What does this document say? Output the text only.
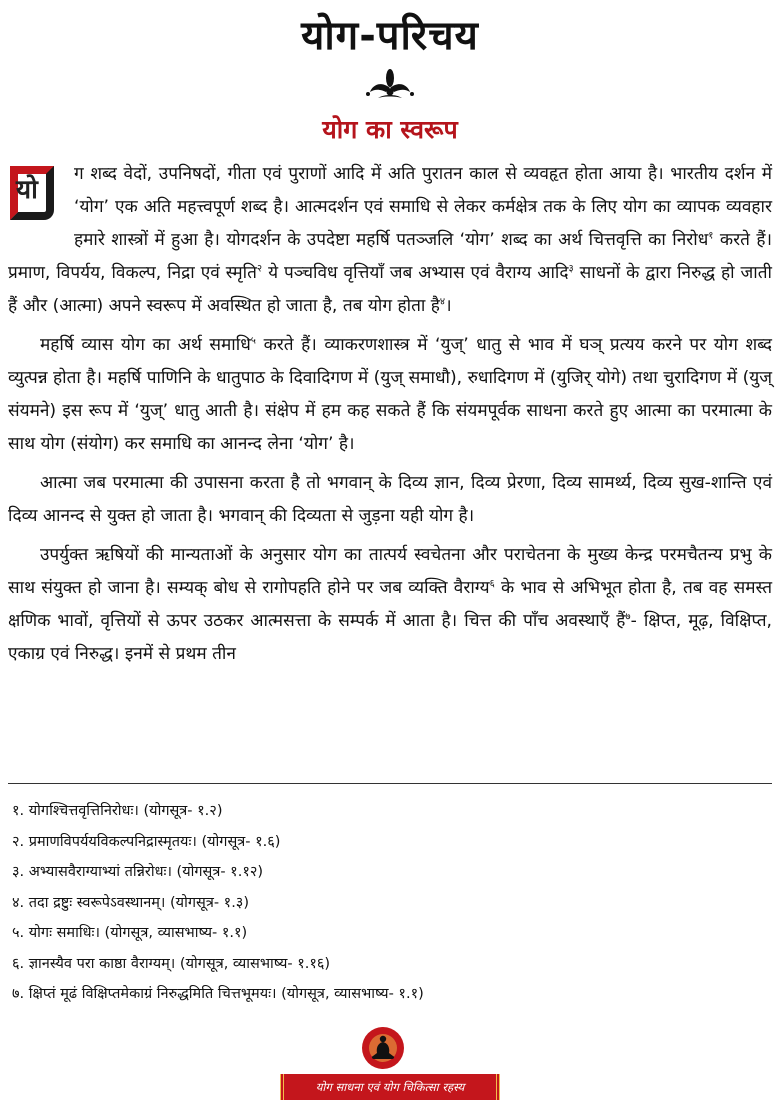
योग-परिचय
योग का स्वरूप

यो
ग शब्द वेदों, उपनिषदों, गीता एवं पुराणों आदि में अति पुरातन काल से व्यवहृत होता आया है। भारतीय दर्शन में ‘योग’ एक अति महत्त्वपूर्ण शब्द है। आत्मदर्शन एवं समाधि से लेकर कर्मक्षेत्र तक के लिए योग का व्यापक व्यवहार हमारे शास्त्रों में हुआ है। योगदर्शन के उपदेष्टा महर्षि पतञ्जलि ‘योग’ शब्द का अर्थ चित्तवृत्ति का निरोध$^१$ करते हैं। प्रमाण, विपर्यय, विकल्प, निद्रा एवं स्मृति$^२$ ये पञ्चविध वृत्तियाँ जब अभ्यास एवं वैराग्य आदि$^३$ साधनों के द्वारा निरुद्ध हो जाती हैं और (आत्मा) अपने स्वरूप में अवस्थित हो जाता है, तब योग होता है$^४$।

महर्षि व्यास योग का अर्थ समाधि$^५$ करते हैं। व्याकरणशास्त्र में ‘युज्’ धातु से भाव में घञ् प्रत्यय करने पर योग शब्द व्युत्पन्न होता है। महर्षि पाणिनि के धातुपाठ के दिवादिगण में (युज् समाधौ), रुधादिगण में (युजिर् योगे) तथा चुरादिगण में (युज् संयमने) इस रूप में ‘युज्’ धातु आती है। संक्षेप में हम कह सकते हैं कि संयमपूर्वक साधना करते हुए आत्मा का परमात्मा के साथ योग (संयोग) कर समाधि का आनन्द लेना ‘योग’ है।

आत्मा जब परमात्मा की उपासना करता है तो भगवान् के दिव्य ज्ञान, दिव्य प्रेरणा, दिव्य सामर्थ्य, दिव्य सुख-शान्ति एवं दिव्य आनन्द से युक्त हो जाता है। भगवान् की दिव्यता से जुड़ना यही योग है।

उपर्युक्त ऋषियों की मान्यताओं के अनुसार योग का तात्पर्य स्वचेतना और पराचेतना के मुख्य केन्द्र परमचैतन्य प्रभु के साथ संयुक्त हो जाना है। सम्यक् बोध से रागोपहति होने पर जब व्यक्ति वैराग्य$^६$ के भाव से अभिभूत होता है, तब वह समस्त क्षणिक भावों, वृत्तियों से ऊपर उठकर आत्मसत्ता के सम्पर्क में आता है। चित्त की पाँच अवस्थाएँ हैं$^७$- क्षिप्त, मूढ़, विक्षिप्त, एकाग्र एवं निरुद्ध। इनमें से प्रथम तीन

१. योगश्चित्तवृत्तिनिरोधः। (योगसूत्र- १.२)
२. प्रमाणविपर्ययविकल्पनिद्रास्मृतयः। (योगसूत्र- १.६)
३. अभ्यासवैराग्याभ्यां तन्निरोधः। (योगसूत्र- १.१२)
४. तदा द्रष्टुः स्वरूपेऽवस्थानम्। (योगसूत्र- १.३)
५. योगः समाधिः। (योगसूत्र, व्यासभाष्य- १.१)
६. ज्ञानस्यैव परा काष्ठा वैराग्यम्। (योगसूत्र, व्यासभाष्य- १.१६)
७. क्षिप्तं मूढं विक्षिप्तमेकाग्रं निरुद्धमिति चित्तभूमयः। (योगसूत्र, व्यासभाष्य- १.१)
योग साधना एवं योग चिकित्सा रहस्य
